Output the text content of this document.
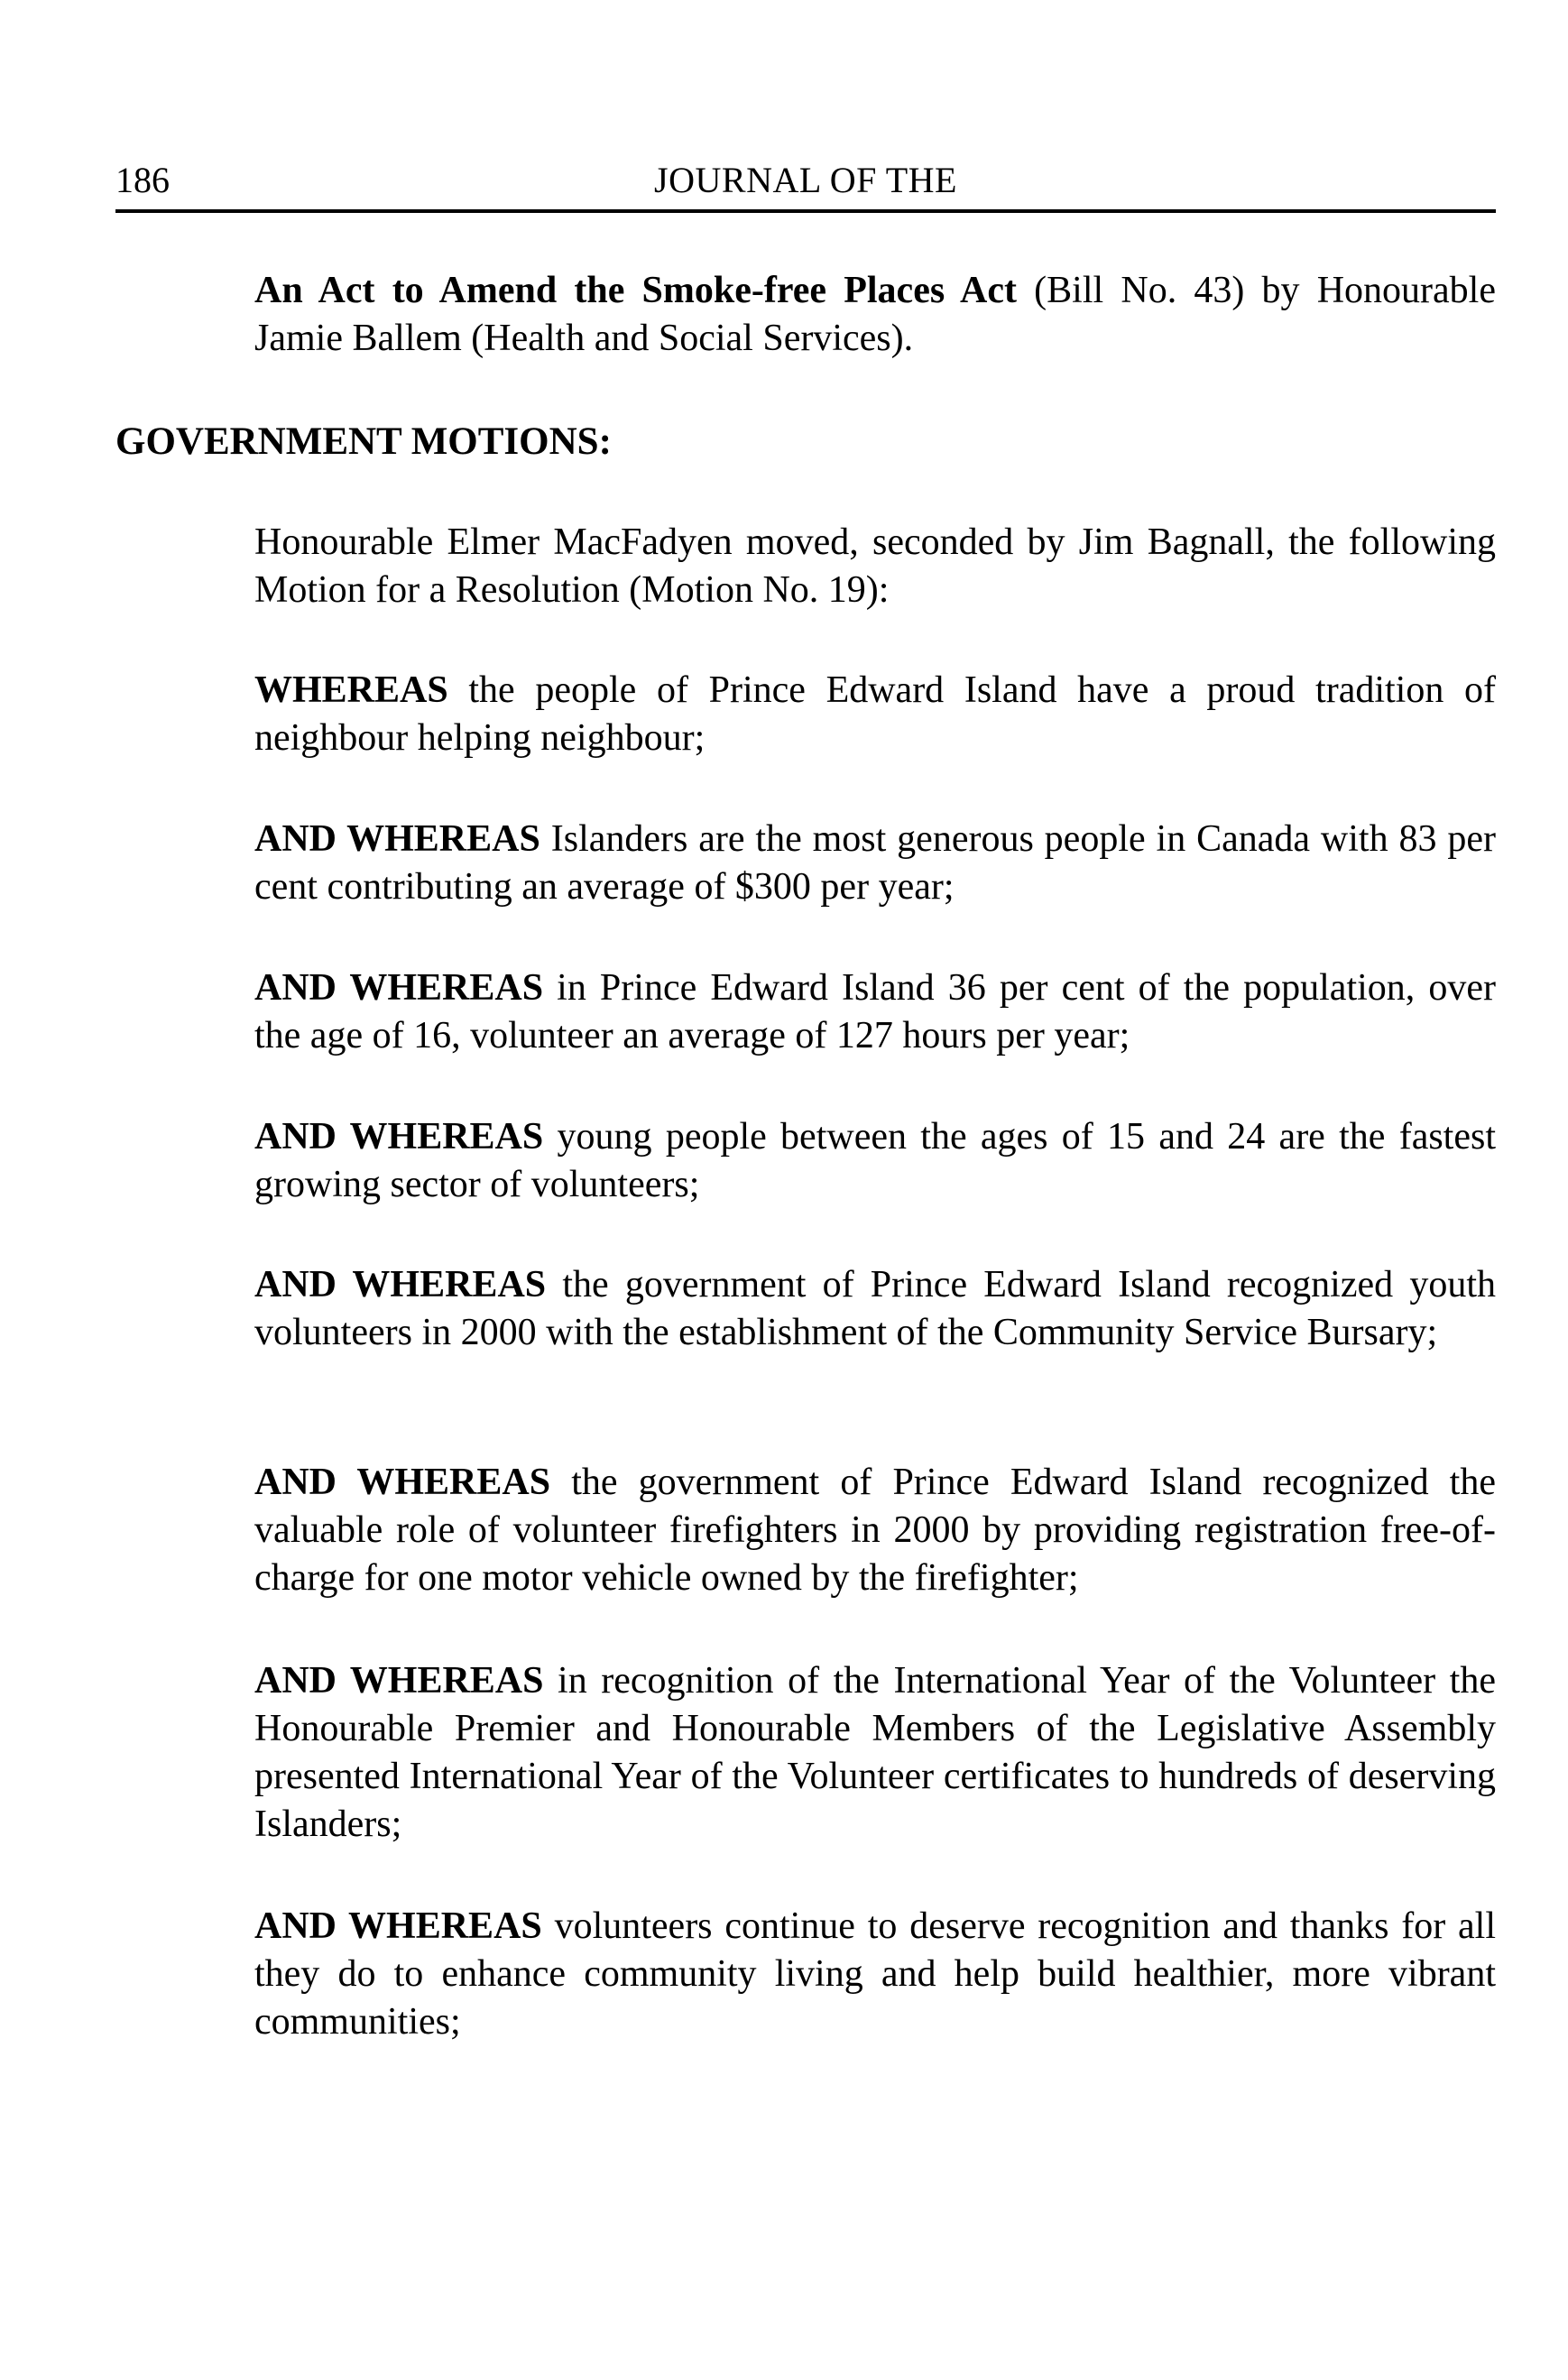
186	JOURNAL OF THE

An Act to Amend the Smoke-free Places Act (Bill No. 43) by Honourable Jamie Ballem (Health and Social Services).

GOVERNMENT MOTIONS:

Honourable Elmer MacFadyen moved, seconded by Jim Bagnall, the following Motion for a Resolution (Motion No. 19):

WHEREAS the people of Prince Edward Island have a proud tradition of neighbour helping neighbour;

AND WHEREAS Islanders are the most generous people in Canada with 83 per cent contributing an average of $300 per year;

AND WHEREAS in Prince Edward Island 36 per cent of the population, over the age of 16, volunteer an average of 127 hours per year;

AND WHEREAS young people between the ages of 15 and 24 are the fastest growing sector of volunteers;

AND WHEREAS the government of Prince Edward Island recognized youth volunteers in 2000 with the establishment of the Community Service Bursary;

AND WHEREAS the government of Prince Edward Island recognized the valuable role of volunteer firefighters in 2000 by providing registration free-of-charge for one motor vehicle owned by the firefighter;

AND WHEREAS in recognition of the International Year of the Volunteer the Honourable Premier and Honourable Members of the Legislative Assembly presented International Year of the Volunteer certificates to hundreds of deserving Islanders;

AND WHEREAS volunteers continue to deserve recognition and thanks for all they do to enhance community living and help build healthier, more vibrant communities;
